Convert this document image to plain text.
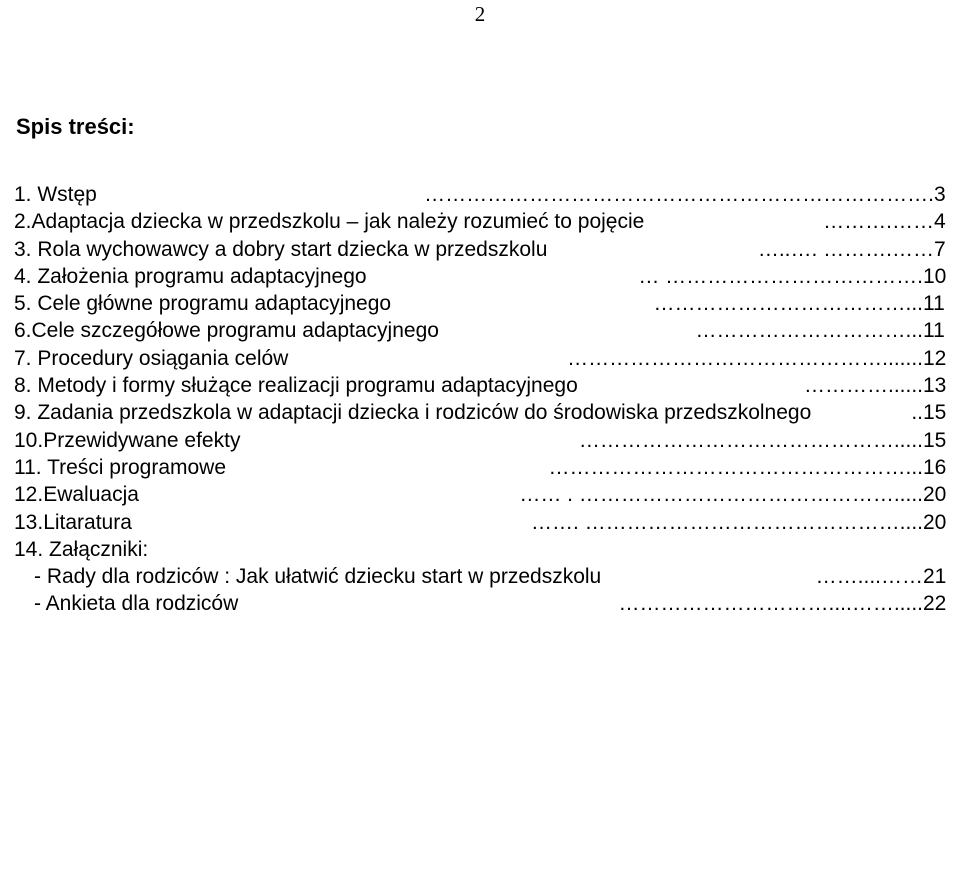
2
Spis treści:
1. Wstęp	………………………………………………………………. 3
2.Adaptacja dziecka w przedszkolu – jak należy rozumieć to pojęcie	……….…… 4
3. Rola wychowawcy a dobry start dziecka w przedszkolu	…..…. ……….…… 7
4. Założenia programu adaptacyjnego	… ………………………………. 10
5. Cele główne programu adaptacyjnego	………………………………... 11
6.Cele szczegółowe programu adaptacyjnego	…………………………... 11
7. Procedury osiągania celów	………………………………………....... 12
8. Metody i formy służące realizacji programu adaptacyjnego	…………...... 13
9. Zadania przedszkola w adaptacji dziecka i rodziców do środowiska przedszkolnego	.. 15
10.Przewidywane efekty	………………………………………..... 15
11. Treści programowe	……………………………………………... 16
12.Ewaluacja	…… . ………………………………………..... 20
13.Litaratura	……. ……………………………………….... 20
14. Załączniki:
- Rady dla rodziców : Jak ułatwić dziecku start w przedszkolu	……....…… 21
- Ankieta dla rodziców	…………………………....……..... 22
